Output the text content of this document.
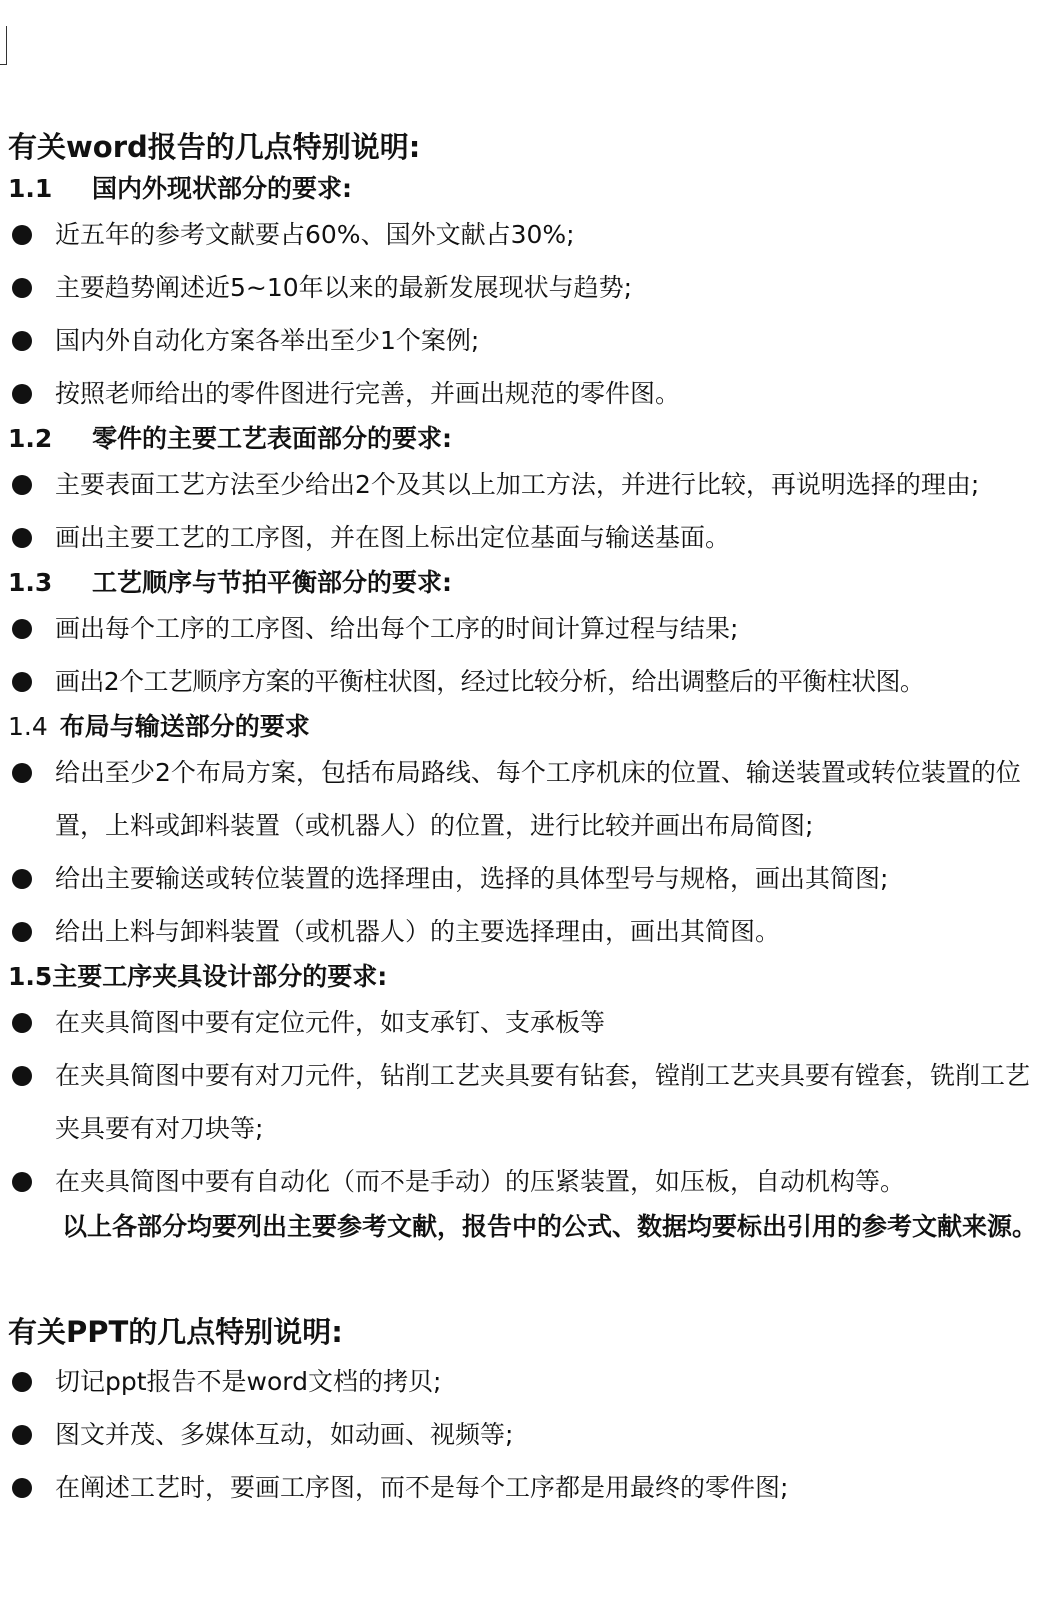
有关word报告的几点特别说明:

1.1 国内外现状部分的要求:

近五年的参考文献要占60%、国外文献占30%;

主要趋势阐述近5~10年以来的最新发展现状与趋势;

国内外自动化方案各举出至少1个案例;

按照老师给出的零件图进行完善，并画出规范的零件图。

1.2 零件的主要工艺表面部分的要求:

主要表面工艺方法至少给出2个及其以上加工方法，并进行比较，再说明选择的理由;

画出主要工艺的工序图，并在图上标出定位基面与输送基面。

1.3 工艺顺序与节拍平衡部分的要求:

画出每个工序的工序图、给出每个工序的时间计算过程与结果;

画出2个工艺顺序方案的平衡柱状图，经过比较分析，给出调整后的平衡柱状图。

1.4 布局与输送部分的要求

给出至少2个布局方案，包括布局路线、每个工序机床的位置、输送装置或转位装置的位置，上料或卸料装置（或机器人）的位置，进行比较并画出布局简图;

给出主要输送或转位装置的选择理由，选择的具体型号与规格，画出其简图;

给出上料与卸料装置（或机器人）的主要选择理由，画出其简图。

1.5主要工序夹具设计部分的要求:

在夹具简图中要有定位元件，如支承钉、支承板等

在夹具简图中要有对刀元件，钻削工艺夹具要有钻套，镗削工艺夹具要有镗套，铣削工艺夹具要有对刀块等;

在夹具简图中要有自动化（而不是手动）的压紧装置，如压板，自动机构等。

以上各部分均要列出主要参考文献，报告中的公式、数据均要标出引用的参考文献来源。

有关PPT的几点特别说明:

切记ppt报告不是word文档的拷贝;

图文并茂、多媒体互动，如动画、视频等;

在阐述工艺时，要画工序图，而不是每个工序都是用最终的零件图;
